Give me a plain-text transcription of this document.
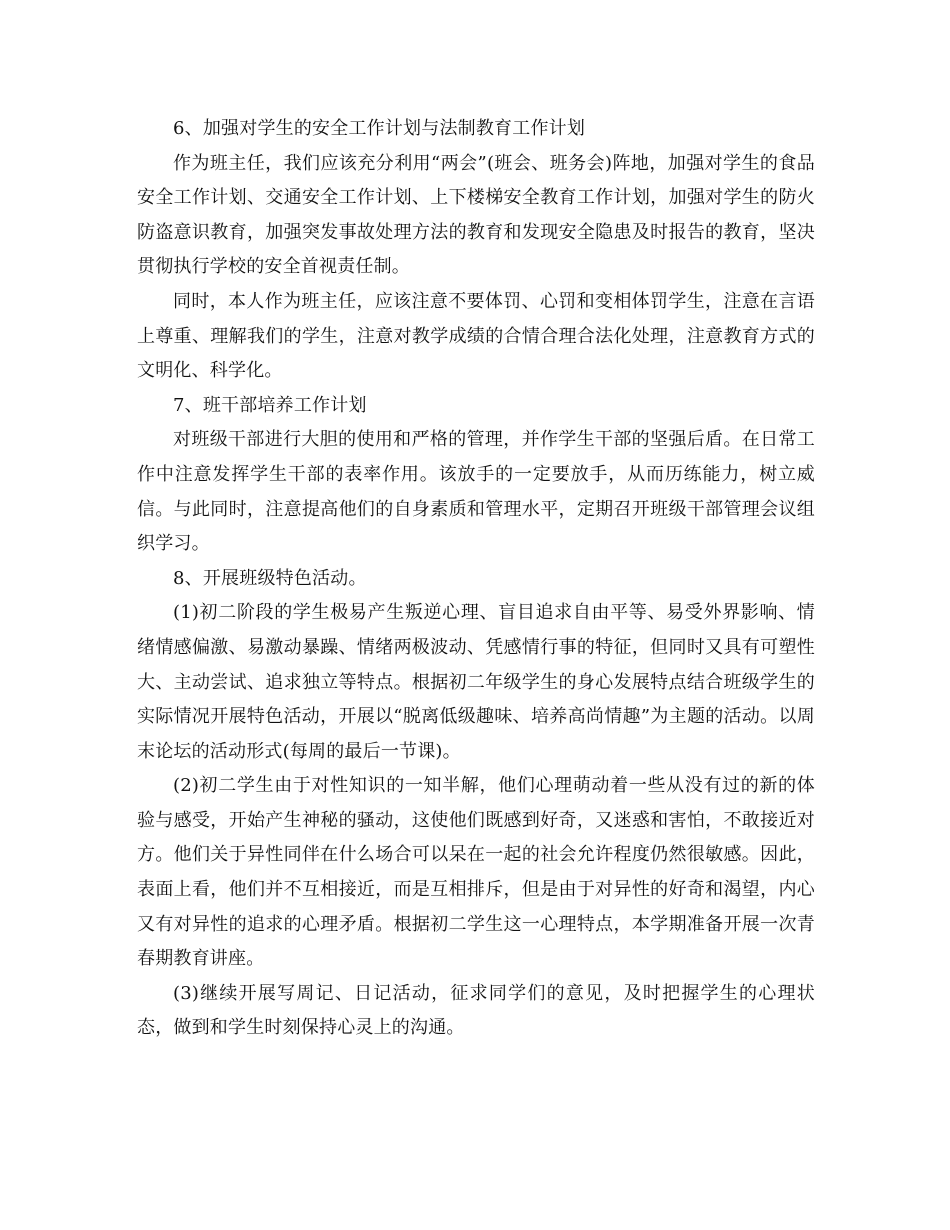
6、加强对学生的安全工作计划与法制教育工作计划

作为班主任，我们应该充分利用“两会”(班会、班务会)阵地，加强对学生的食品安全工作计划、交通安全工作计划、上下楼梯安全教育工作计划，加强对学生的防火防盗意识教育，加强突发事故处理方法的教育和发现安全隐患及时报告的教育，坚决贯彻执行学校的安全首视责任制。

同时，本人作为班主任，应该注意不要体罚、心罚和变相体罚学生，注意在言语上尊重、理解我们的学生，注意对教学成绩的合情合理合法化处理，注意教育方式的文明化、科学化。

7、班干部培养工作计划

对班级干部进行大胆的使用和严格的管理，并作学生干部的坚强后盾。在日常工作中注意发挥学生干部的表率作用。该放手的一定要放手，从而历练能力，树立威信。与此同时，注意提高他们的自身素质和管理水平，定期召开班级干部管理会议组织学习。

8、开展班级特色活动。

(1)初二阶段的学生极易产生叛逆心理、盲目追求自由平等、易受外界影响、情绪情感偏激、易激动暴躁、情绪两极波动、凭感情行事的特征，但同时又具有可塑性大、主动尝试、追求独立等特点。根据初二年级学生的身心发展特点结合班级学生的实际情况开展特色活动，开展以“脱离低级趣味、培养高尚情趣”为主题的活动。以周末论坛的活动形式(每周的最后一节课)。

(2)初二学生由于对性知识的一知半解，他们心理萌动着一些从没有过的新的体验与感受，开始产生神秘的骚动，这使他们既感到好奇，又迷惑和害怕，不敢接近对方。他们关于异性同伴在什么场合可以呆在一起的社会允许程度仍然很敏感。因此，表面上看，他们并不互相接近，而是互相排斥，但是由于对异性的好奇和渴望，内心又有对异性的追求的心理矛盾。根据初二学生这一心理特点，本学期准备开展一次青春期教育讲座。

(3)继续开展写周记、日记活动，征求同学们的意见，及时把握学生的心理状态，做到和学生时刻保持心灵上的沟通。
